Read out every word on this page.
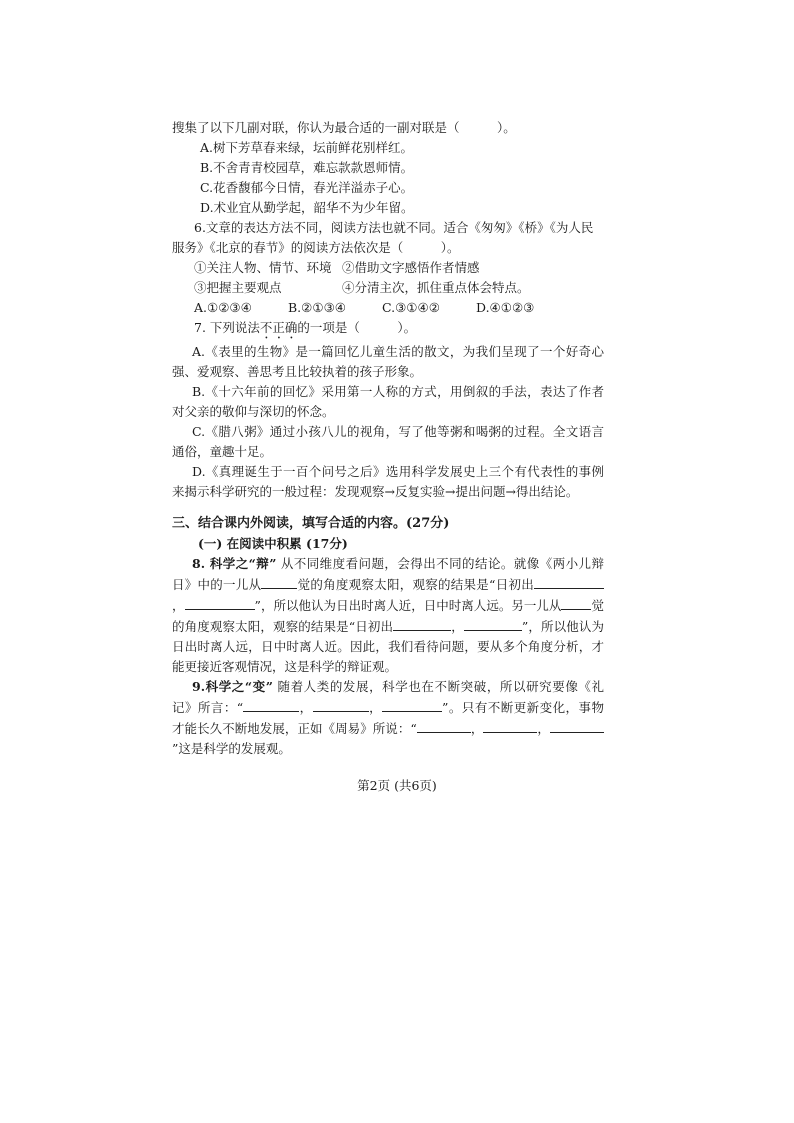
搜集了以下几副对联，你认为最合适的一副对联是（　　　）。
A.树下芳草春来绿，坛前鲜花别样红。
B.不舍青青校园草，难忘款款恩师情。
C.花香馥郁今日情，春光洋溢赤子心。
D.术业宜从勤学起，韶华不为少年留。
6.文章的表达方法不同，阅读方法也就不同。适合《匆匆》《桥》《为人民
服务》《北京的春节》的阅读方法依次是（　　　）。
①关注人物、情节、环境 ②借助文字感悟作者情感
③把握主要观点	④分清主次，抓住重点体会特点。
A.①②③④	B.②①③④	C.③①④②	D.④①②③
7. 下列说法不正确的一项是（　　　）。
A.《表里的生物》是一篇回忆儿童生活的散文，为我们呈现了一个好奇心强、爱观察、善思考且比较执着的孩子形象。
B.《十六年前的回忆》采用第一人称的方式，用倒叙的手法，表达了作者对父亲的敬仰与深切的怀念。
C.《腊八粥》通过小孩八儿的视角，写了他等粥和喝粥的过程。全文语言通俗，童趣十足。
D.《真理诞生于一百个问号之后》选用科学发展史上三个有代表性的事例来揭示科学研究的一般过程：发现观察→反复实验→提出问题→得出结论。
三、结合课内外阅读，填写合适的内容。(27分)
(一) 在阅读中积累 (17分)
8. 科学之“辩” 从不同维度看问题，会得出不同的结论。就像《两小儿辩日》中的一儿从	觉的角度观察太阳，观察的结果是“日初出，	”，所以他认为日出时离人近，日中时离人远。另一儿从 觉的角度观察太阳，观察的结果是“日初出	，	”，所以他认为日出时离人远，日中时离人近。因此，我们看待问题，要从多个角度分析，才能更接近客观情况，这是科学的辩证观。
9.科学之“变” 随着人类的发展，科学也在不断突破，所以研究要像《礼记》所言：“	，	，	”。只有不断更新变化，事物才能长久不断地发展，正如《周易》所说：“	，	，”这是科学的发展观。
第2页 (共6页)
